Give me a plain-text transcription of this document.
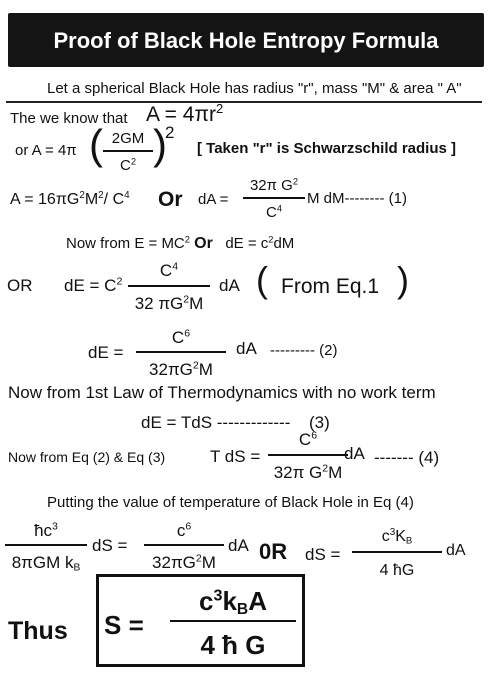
Proof of Black Hole Entropy Formula
Let a spherical Black Hole has radius "r", mass "M" & area " A"
The we know that $A = 4\pi r^2$
or A = 4π ( 2GM
$C^2$ )
2
[ Taken "r" is Schwarzschild radius ]
$A = 16\pi G^2M^2/$ $C^4$ Or dA =
32π $G^2$
$C^4$
M dM-------- (1)
Now from $E = MC^2$ Or dE = $c^2dM$
OR dE = $C^2$
$C^4$
32 $\pi G^2M$
dA ( From Eq.1 )
dE =
$C^6$
$32\pi G^2M$
dA --------- (2)
Now from 1st Law of Thermodynamics with no work term
dE = TdS ------------- (3)
Now from Eq (2) & Eq (3)	T dS =
$C^6$
32π $G^2M$
dA ------- (4)
Putting the value of temperature of Black Hole in Eq (4)
$ħc^3$
8πGM $k_B$
dS =
$c^6$
$32\pi G^2M$
dA 0R dS =
$c^3K_B$
4 ħG
dA
Thus S =
$c^3k_BA$
4 ħ G
